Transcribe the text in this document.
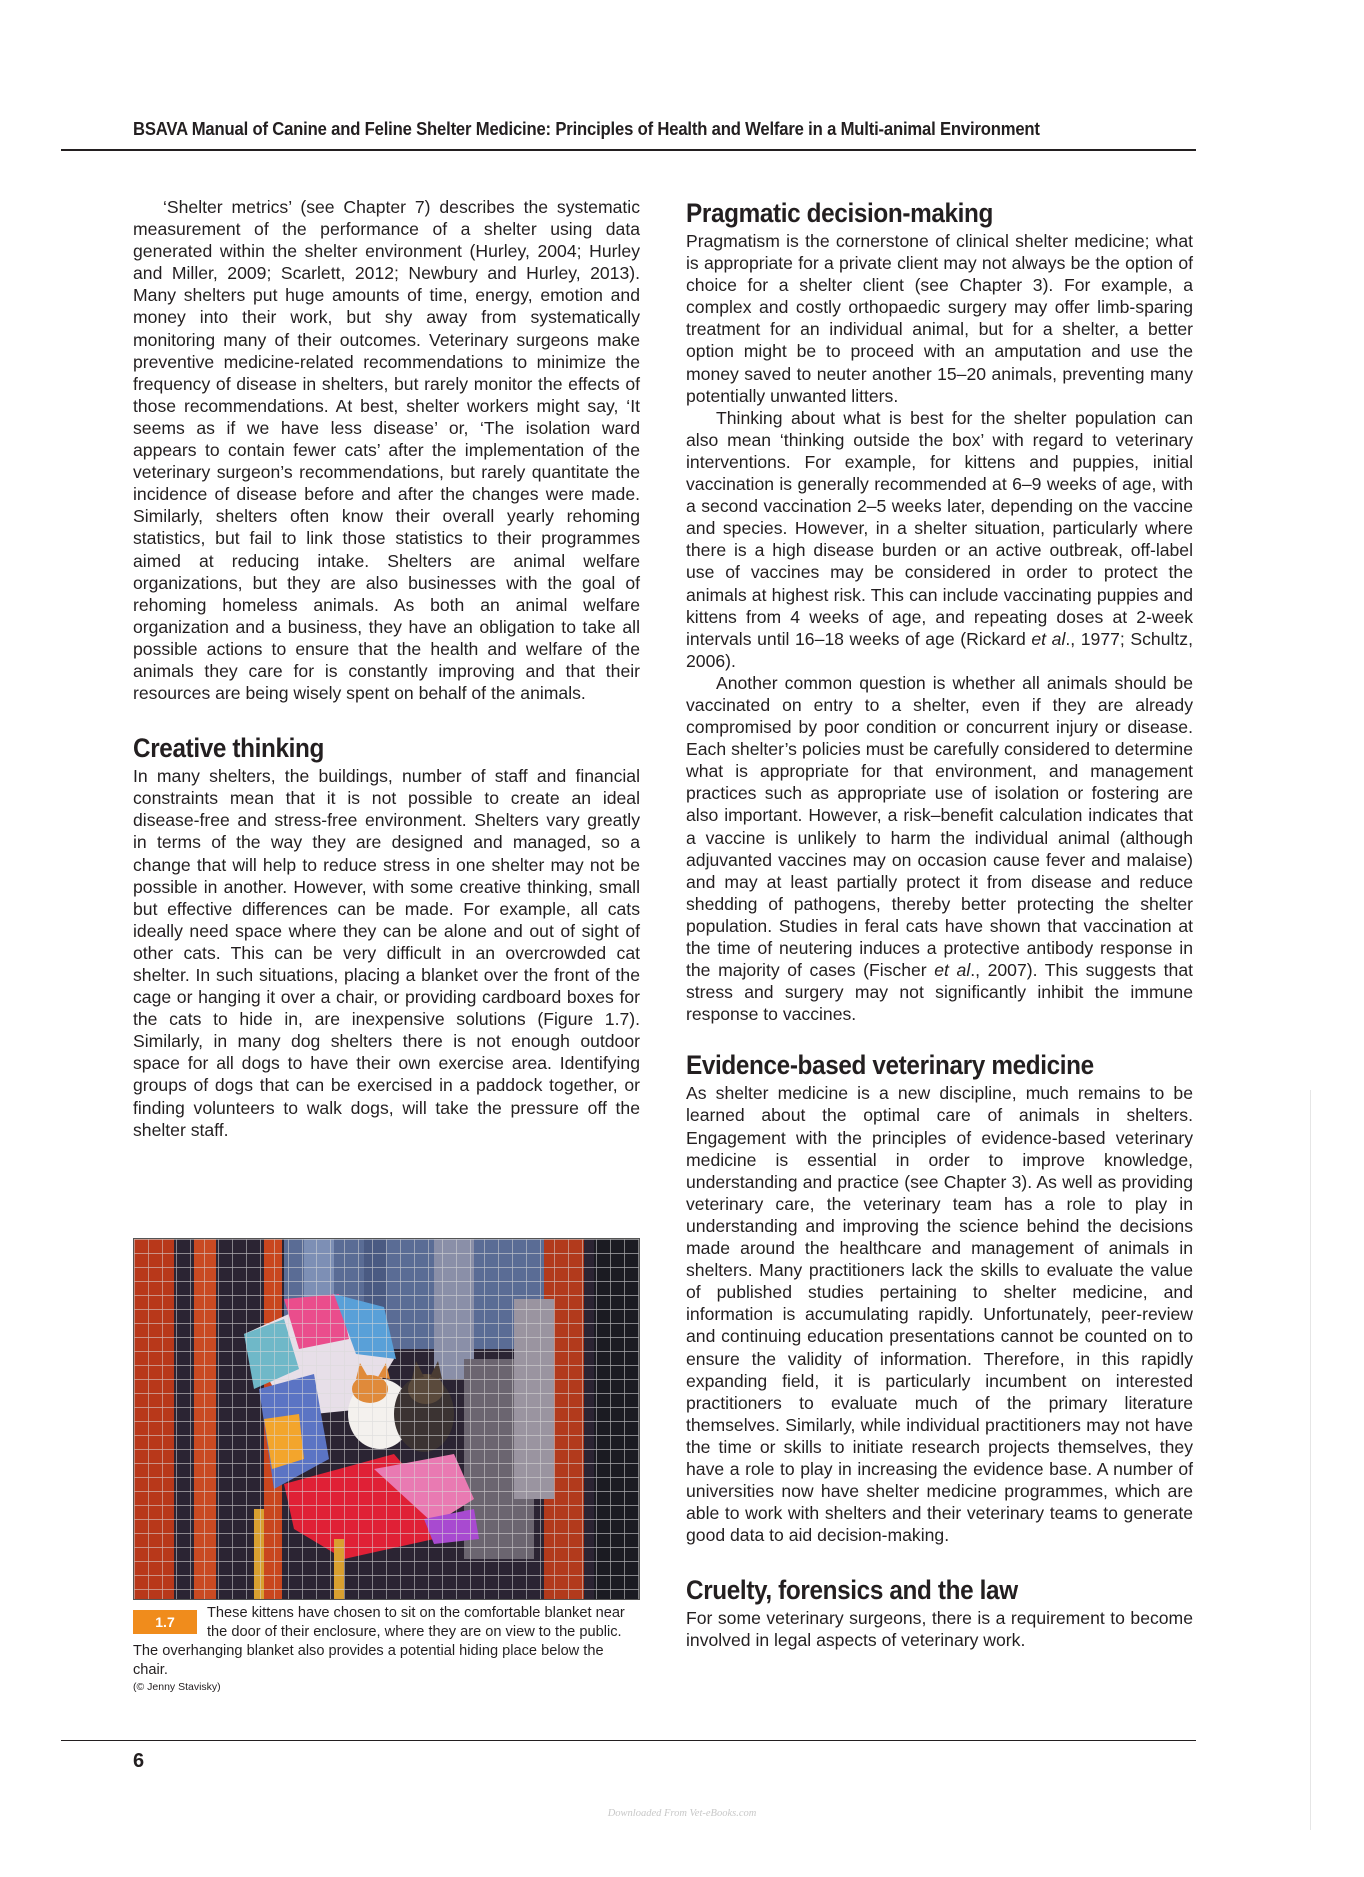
BSAVA Manual of Canine and Feline Shelter Medicine: Principles of Health and Welfare in a Multi-animal Environment

‘Shelter metrics’ (see Chapter 7) describes the systematic measurement of the performance of a shelter using data generated within the shelter environment (Hurley, 2004; Hurley and Miller, 2009; Scarlett, 2012; Newbury and Hurley, 2013). Many shelters put huge amounts of time, energy, emotion and money into their work, but shy away from systematically monitoring many of their outcomes. Veterinary surgeons make preventive medicine-related recommendations to minimize the frequency of disease in shelters, but rarely monitor the effects of those recommendations. At best, shelter workers might say, ‘It seems as if we have less disease’ or, ‘The isolation ward appears to contain fewer cats’ after the implementation of the veterinary surgeon’s recommendations, but rarely quantitate the incidence of disease before and after the changes were made. Similarly, shelters often know their overall yearly rehoming statistics, but fail to link those statistics to their programmes aimed at reducing intake. Shelters are animal welfare organizations, but they are also businesses with the goal of rehoming homeless animals. As both an animal welfare organization and a business, they have an obligation to take all possible actions to ensure that the health and welfare of the animals they care for is constantly improving and that their resources are being wisely spent on behalf of the animals.

Creative thinking

In many shelters, the buildings, number of staff and financial constraints mean that it is not possible to create an ideal disease-free and stress-free environment. Shelters vary greatly in terms of the way they are designed and managed, so a change that will help to reduce stress in one shelter may not be possible in another. However, with some creative thinking, small but effective differences can be made. For example, all cats ideally need space where they can be alone and out of sight of other cats. This can be very difficult in an overcrowded cat shelter. In such situations, placing a blanket over the front of the cage or hanging it over a chair, or providing cardboard boxes for the cats to hide in, are inexpensive solutions (Figure 1.7). Similarly, in many dog shelters there is not enough outdoor space for all dogs to have their own exercise area. Identifying groups of dogs that can be exercised in a paddock together, or finding volunteers to walk dogs, will take the pressure off the shelter staff.

1.7
These kittens have chosen to sit on the comfortable blanket near the door of their enclosure, where they are on view to the public. The overhanging blanket also provides a potential hiding place below the chair.
(© Jenny Stavisky)
Pragmatic decision-making

Pragmatism is the cornerstone of clinical shelter medicine; what is appropriate for a private client may not always be the option of choice for a shelter client (see Chapter 3). For example, a complex and costly orthopaedic surgery may offer limb-sparing treatment for an individual animal, but for a shelter, a better option might be to proceed with an amputation and use the money saved to neuter another 15–20 animals, preventing many potentially unwanted litters.

Thinking about what is best for the shelter population can also mean ‘thinking outside the box’ with regard to veterinary interventions. For example, for kittens and puppies, initial vaccination is generally recommended at 6–9 weeks of age, with a second vaccination 2–5 weeks later, depending on the vaccine and species. However, in a shelter situation, particularly where there is a high disease burden or an active outbreak, off-label use of vaccines may be considered in order to protect the animals at highest risk. This can include vaccinating puppies and kittens from 4 weeks of age, and repeating doses at 2-week intervals until 16–18 weeks of age (Rickard et al., 1977; Schultz, 2006).

Another common question is whether all animals should be vaccinated on entry to a shelter, even if they are already compromised by poor condition or concurrent injury or disease. Each shelter’s policies must be carefully considered to determine what is appropriate for that environment, and management practices such as appropriate use of isolation or fostering are also important. However, a risk–benefit calculation indicates that a vaccine is unlikely to harm the individual animal (although adjuvanted vaccines may on occasion cause fever and malaise) and may at least partially protect it from disease and reduce shedding of pathogens, thereby better protecting the shelter population. Studies in feral cats have shown that vaccination at the time of neutering induces a protective antibody response in the majority of cases (Fischer et al., 2007). This suggests that stress and surgery may not significantly inhibit the immune response to vaccines.

Evidence-based veterinary medicine

As shelter medicine is a new discipline, much remains to be learned about the optimal care of animals in shelters. Engagement with the principles of evidence-based veterinary medicine is essential in order to improve knowledge, understanding and practice (see Chapter 3). As well as providing veterinary care, the veterinary team has a role to play in understanding and improving the science behind the decisions made around the healthcare and management of animals in shelters. Many practitioners lack the skills to evaluate the value of published studies pertaining to shelter medicine, and information is accumulating rapidly. Unfortunately, peer-review and continuing education presentations cannot be counted on to ensure the validity of information. Therefore, in this rapidly expanding field, it is particularly incumbent on interested practitioners to evaluate much of the primary literature themselves. Similarly, while individual practitioners may not have the time or skills to initiate research projects themselves, they have a role to play in increasing the evidence base. A number of universities now have shelter medicine programmes, which are able to work with shelters and their veterinary teams to generate good data to aid decision-making.

Cruelty, forensics and the law

For some veterinary surgeons, there is a requirement to become involved in legal aspects of veterinary work.

6
Downloaded From Vet-eBooks.com
